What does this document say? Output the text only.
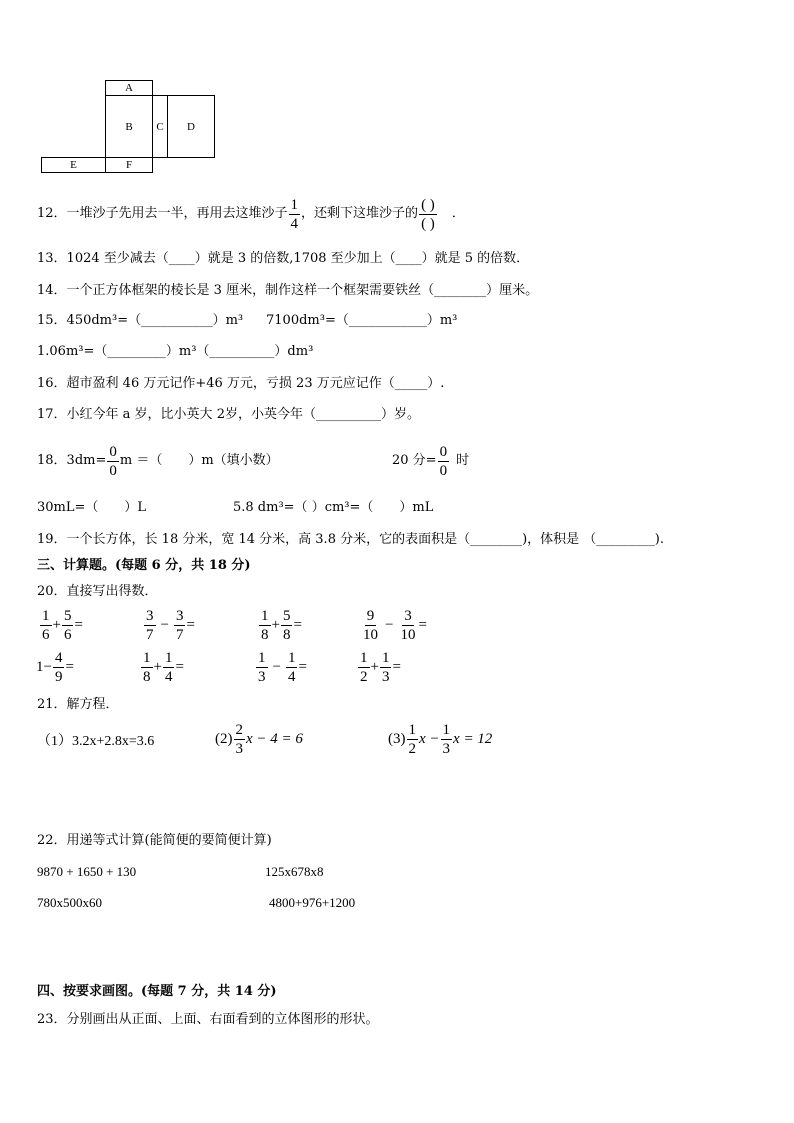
A
B	C	D
E	F
12．一堆沙子先用去一半，再用去这堆沙子 $\frac{1}{4}$ ，还剩下这堆沙子的 $\frac{( )}{( )}$ ．
13．1024 至少减去（____）就是 3 的倍数,1708 至少加上（____）就是 5 的倍数．
14．一个正方体框架的棱长是 3 厘米，制作这样一个框架需要铁丝（________）厘米。
15．450dm³=（___________）m³ 7100dm³=（____________）m³
1.06m³=（_________）m³（__________）dm³
16．超市盈利 46 万元记作+46 万元，亏损 23 万元应记作（_____）.
17．小红今年 a 岁，比小英大 2岁，小英今年（__________）岁。
18．$3dm= \frac{0}{0}$ m ＝（　　）m（填小数）	20 分= $\frac{0}{0}$ 时
30mL=（　　）L	5.8 dm³=（ ）cm³=（　　）mL
19．一个长方体，长 18 分米，宽 14 分米，高 3.8 分米，它的表面积是（________)，体积是 （_________).
三、计算题。(每题 6 分，共 18 分)
20．直接写出得数．
$\frac{1}{6} + \frac{5}{6}$ =	$\frac{3}{7} - \frac{3}{7}$ =	$\frac{1}{8} + \frac{5}{8}$ =	$\frac{9}{10} - \frac{3}{10}$ =
$1- \frac{4}{9}$ =	$\frac{1}{8} + \frac{1}{4}$ =	$\frac{1}{3} - \frac{1}{4}$ =	$\frac{1}{2} + \frac{1}{3}$ =
21．解方程．
（1）3.2x+2.8x=3.6	$(2) \frac{2}{3}$ x − 4 = 6	$(3) \frac{1}{2}$ $x - \frac{1}{3}$ x = 12
22．用递等式计算(能简便的要简便计算)
9870 + 1650 + 130	125x678x8
780x500x60	4800+976+1200
四、按要求画图。(每题 7 分，共 14 分)
23．分别画出从正面、上面、右面看到的立体图形的形状。
